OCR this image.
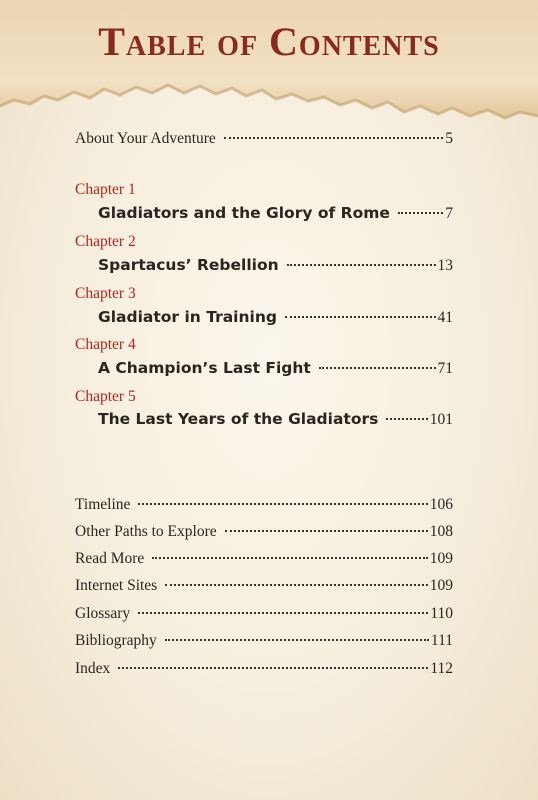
Table of Contents
About Your Adventure	5
Chapter 1
Gladiators and the Glory of Rome	7
Chapter 2
Spartacus’ Rebellion	13
Chapter 3
Gladiator in Training	41
Chapter 4
A Champion’s Last Fight	71
Chapter 5
The Last Years of the Gladiators	101
Timeline	106
Other Paths to Explore	108
Read More	109
Internet Sites	109
Glossary	110
Bibliography	111
Index	112
